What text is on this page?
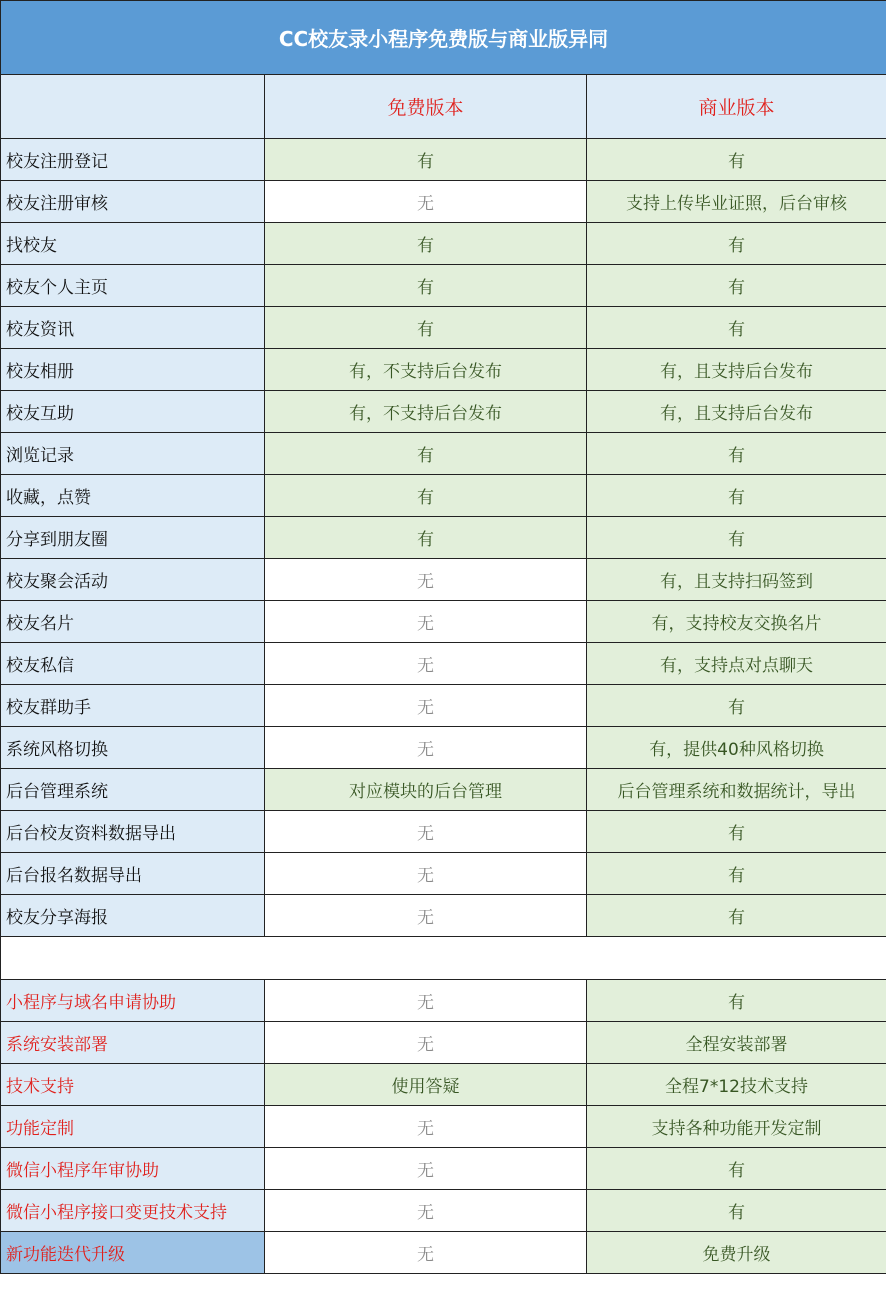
CC校友录小程序免费版与商业版异同		
	免费版本	商业版本
校友注册登记	有	有
校友注册审核	无	支持上传毕业证照，后台审核
找校友	有	有
校友个人主页	有	有
校友资讯	有	有
校友相册	有，不支持后台发布	有，且支持后台发布
校友互助	有，不支持后台发布	有，且支持后台发布
浏览记录	有	有
收藏，点赞	有	有
分享到朋友圈	有	有
校友聚会活动	无	有，且支持扫码签到
校友名片	无	有，支持校友交换名片
校友私信	无	有，支持点对点聊天
校友群助手	无	有
系统风格切换	无	有，提供40种风格切换
后台管理系统	对应模块的后台管理	后台管理系统和数据统计，导出
后台校友资料数据导出	无	有
后台报名数据导出	无	有
校友分享海报	无	有

小程序与域名申请协助	无	有
系统安装部署	无	全程安装部署
技术支持	使用答疑	全程7*12技术支持
功能定制	无	支持各种功能开发定制
微信小程序年审协助	无	有
微信小程序接口变更技术支持	无	有
新功能迭代升级	无	免费升级
